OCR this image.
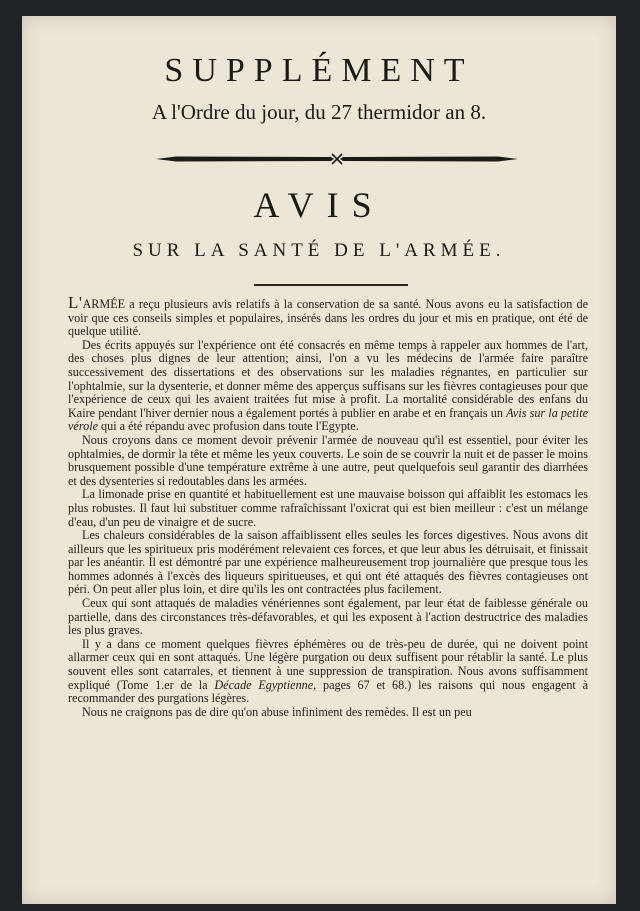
SUPPLÉMENT
A l'Ordre du jour, du 27 thermidor an 8.
AVIS
SUR LA SANTÉ DE L'ARMÉE.

L'ARMÉE a reçu plusieurs avis relatifs à la conservation de sa santé. Nous avons eu la satisfaction de voir que ces conseils simples et populaires, insérés dans les ordres du jour et mis en pratique, ont été de quelque utilité.

Des écrits appuyés sur l'expérience ont été consacrés en même temps à rappeler aux hommes de l'art, des choses plus dignes de leur attention; ainsi, l'on a vu les médecins de l'armée faire paraître successivement des dissertations et des observations sur les maladies régnantes, en particulier sur l'ophtalmie, sur la dysenterie, et donner même des apperçus suffisans sur les fièvres contagieuses pour que l'expérience de ceux qui les avaient traitées fut mise à profit. La mortalité considérable des enfans du Kaire pendant l'hiver dernier nous a également portés à publier en arabe et en français un Avis sur la petite vérole qui a été répandu avec profusion dans toute l'Egypte.

Nous croyons dans ce moment devoir prévenir l'armée de nouveau qu'il est essentiel, pour éviter les ophtalmies, de dormir la tête et même les yeux couverts. Le soin de se couvrir la nuit et de passer le moins brusquement possible d'une température extrême à une autre, peut quelquefois seul garantir des diarrhées et des dysenteries si redoutables dans les armées.

La limonade prise en quantité et habituellement est une mauvaise boisson qui affaiblit les estomacs les plus robustes. Il faut lui substituer comme rafraîchissant l'oxicrat qui est bien meilleur : c'est un mélange d'eau, d'un peu de vinaigre et de sucre.

Les chaleurs considérables de la saison affaiblissent elles seules les forces digestives. Nous avons dit ailleurs que les spiritueux pris modérément relevaient ces forces, et que leur abus les détruisait, et finissait par les anéantir. Il est démontré par une expérience malheureusement trop journalière que presque tous les hommes adonnés à l'excès des liqueurs spiritueuses, et qui ont été attaqués des fièvres contagieuses ont péri. On peut aller plus loin, et dire qu'ils les ont contractées plus facilement.

Ceux qui sont attaqués de maladies vénériennes sont également, par leur état de faiblesse générale ou partielle, dans des circonstances très-défavorables, et qui les exposent à l'action destructrice des maladies les plus graves.

Il y a dans ce moment quelques fièvres éphémères ou de très-peu de durée, qui ne doivent point allarmer ceux qui en sont attaqués. Une légère purgation ou deux suffisent pour rétablir la santé. Le plus souvent elles sont catarrales, et tiennent à une suppression de transpiration. Nous avons suffisamment expliqué (Tome 1.er de la Décade Egyptienne, pages 67 et 68.) les raisons qui nous engagent à recommander des purgations légères.

Nous ne craignons pas de dire qu'on abuse infiniment des remèdes. Il est un peu
